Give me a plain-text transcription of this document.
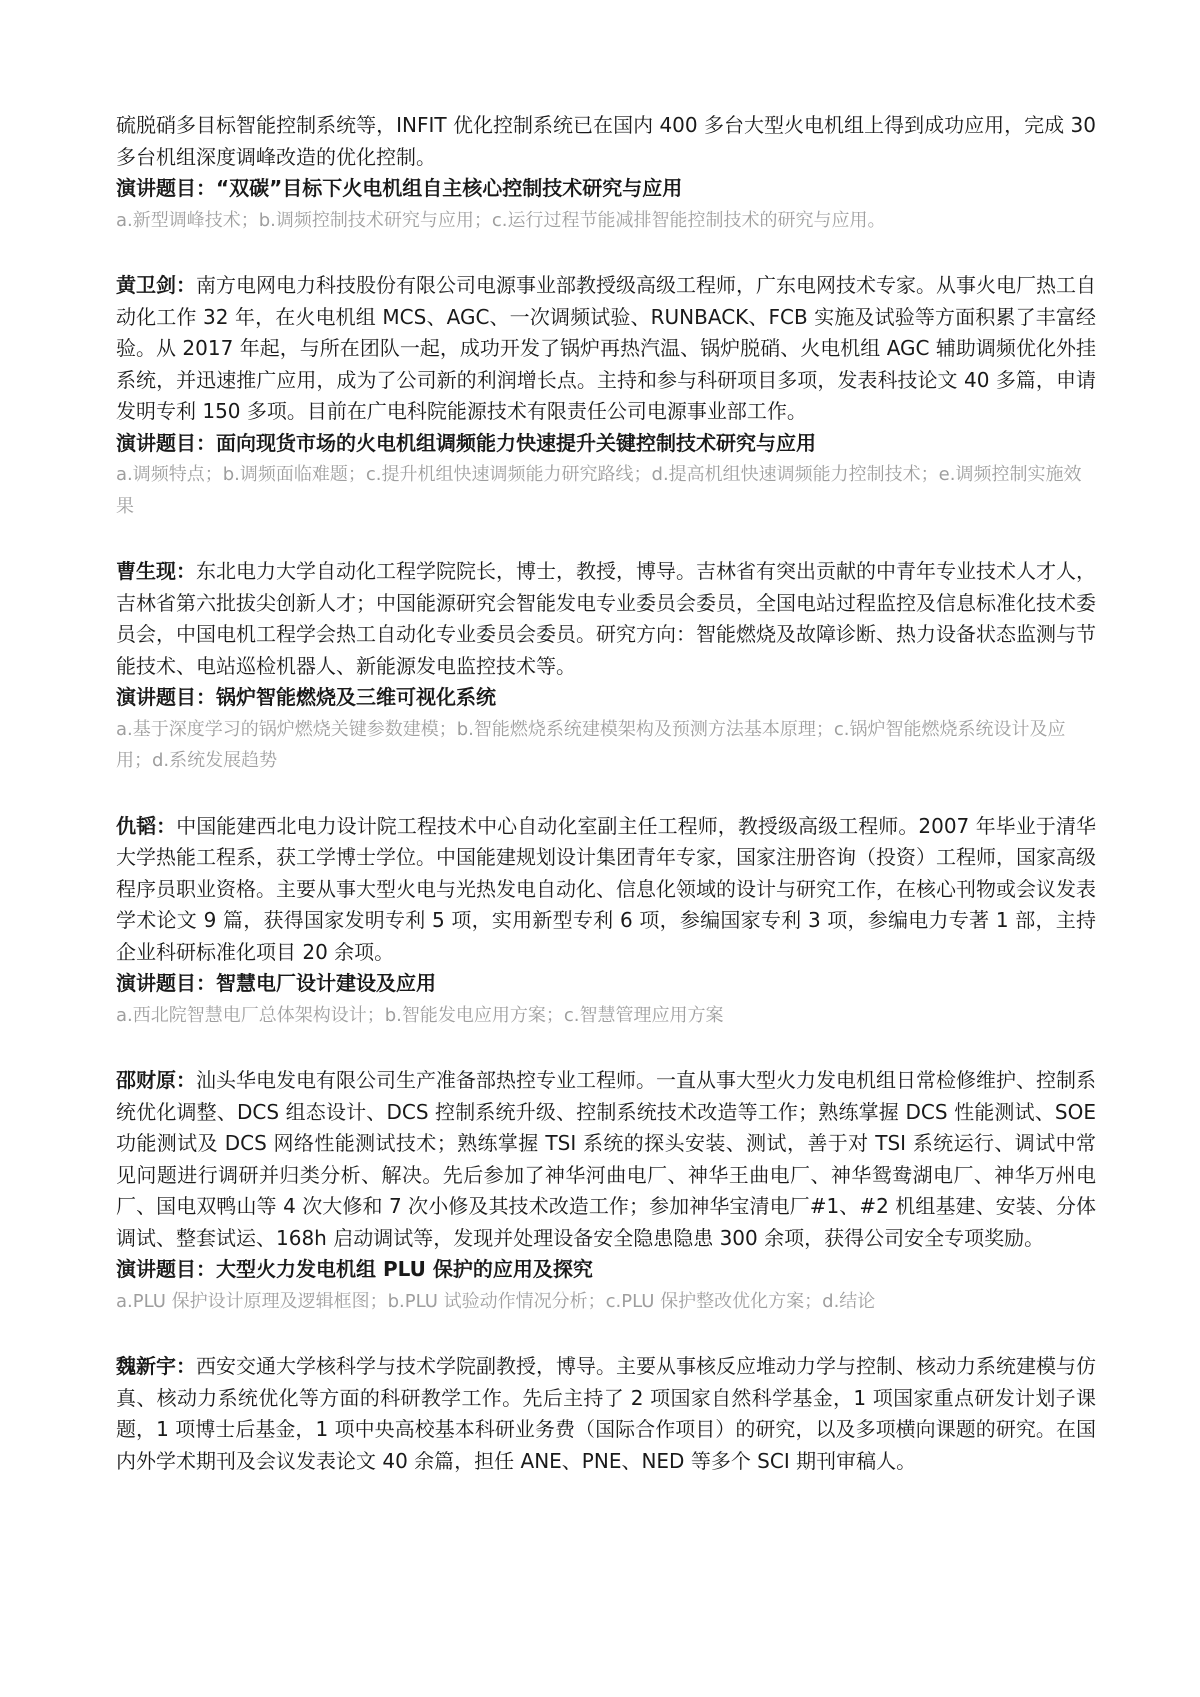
硫脱硝多目标智能控制系统等，INFIT 优化控制系统已在国内 400 多台大型火电机组上得到成功应用，完成 30 多台机组深度调峰改造的优化控制。

演讲题目：“双碳”目标下火电机组自主核心控制技术研究与应用

a.新型调峰技术；b.调频控制技术研究与应用；c.运行过程节能减排智能控制技术的研究与应用。

黄卫剑：南方电网电力科技股份有限公司电源事业部教授级高级工程师，广东电网技术专家。从事火电厂热工自动化工作 32 年，在火电机组 MCS、AGC、一次调频试验、RUNBACK、FCB 实施及试验等方面积累了丰富经验。从 2017 年起，与所在团队一起，成功开发了锅炉再热汽温、锅炉脱硝、火电机组 AGC 辅助调频优化外挂系统，并迅速推广应用，成为了公司新的利润增长点。主持和参与科研项目多项，发表科技论文 40 多篇，申请发明专利 150 多项。目前在广电科院能源技术有限责任公司电源事业部工作。

演讲题目：面向现货市场的火电机组调频能力快速提升关键控制技术研究与应用

a.调频特点；b.调频面临难题；c.提升机组快速调频能力研究路线；d.提高机组快速调频能力控制技术；e.调频控制实施效果

曹生现：东北电力大学自动化工程学院院长，博士，教授，博导。吉林省有突出贡献的中青年专业技术人才人，吉林省第六批拔尖创新人才；中国能源研究会智能发电专业委员会委员，全国电站过程监控及信息标准化技术委员会，中国电机工程学会热工自动化专业委员会委员。研究方向：智能燃烧及故障诊断、热力设备状态监测与节能技术、电站巡检机器人、新能源发电监控技术等。

演讲题目：锅炉智能燃烧及三维可视化系统

a.基于深度学习的锅炉燃烧关键参数建模；b.智能燃烧系统建模架构及预测方法基本原理；c.锅炉智能燃烧系统设计及应用；d.系统发展趋势

仇韬：中国能建西北电力设计院工程技术中心自动化室副主任工程师，教授级高级工程师。2007 年毕业于清华大学热能工程系，获工学博士学位。中国能建规划设计集团青年专家，国家注册咨询（投资）工程师，国家高级程序员职业资格。主要从事大型火电与光热发电自动化、信息化领域的设计与研究工作，在核心刊物或会议发表学术论文 9 篇，获得国家发明专利 5 项，实用新型专利 6 项，参编国家专利 3 项，参编电力专著 1 部，主持企业科研标准化项目 20 余项。

演讲题目：智慧电厂设计建设及应用

a.西北院智慧电厂总体架构设计；b.智能发电应用方案；c.智慧管理应用方案

邵财原：汕头华电发电有限公司生产准备部热控专业工程师。一直从事大型火力发电机组日常检修维护、控制系统优化调整、DCS 组态设计、DCS 控制系统升级、控制系统技术改造等工作；熟练掌握 DCS 性能测试、SOE 功能测试及 DCS 网络性能测试技术；熟练掌握 TSI 系统的探头安装、测试，善于对 TSI 系统运行、调试中常见问题进行调研并归类分析、解决。先后参加了神华河曲电厂、神华王曲电厂、神华鸳鸯湖电厂、神华万州电厂、国电双鸭山等 4 次大修和 7 次小修及其技术改造工作；参加神华宝清电厂#1、#2 机组基建、安装、分体调试、整套试运、168h 启动调试等，发现并处理设备安全隐患隐患 300 余项，获得公司安全专项奖励。

演讲题目：大型火力发电机组 PLU 保护的应用及探究

a.PLU 保护设计原理及逻辑框图；b.PLU 试验动作情况分析；c.PLU 保护整改优化方案；d.结论

魏新宇：西安交通大学核科学与技术学院副教授，博导。主要从事核反应堆动力学与控制、核动力系统建模与仿真、核动力系统优化等方面的科研教学工作。先后主持了 2 项国家自然科学基金，1 项国家重点研发计划子课题，1 项博士后基金，1 项中央高校基本科研业务费（国际合作项目）的研究，以及多项横向课题的研究。在国内外学术期刊及会议发表论文 40 余篇，担任 ANE、PNE、NED 等多个 SCI 期刊审稿人。
